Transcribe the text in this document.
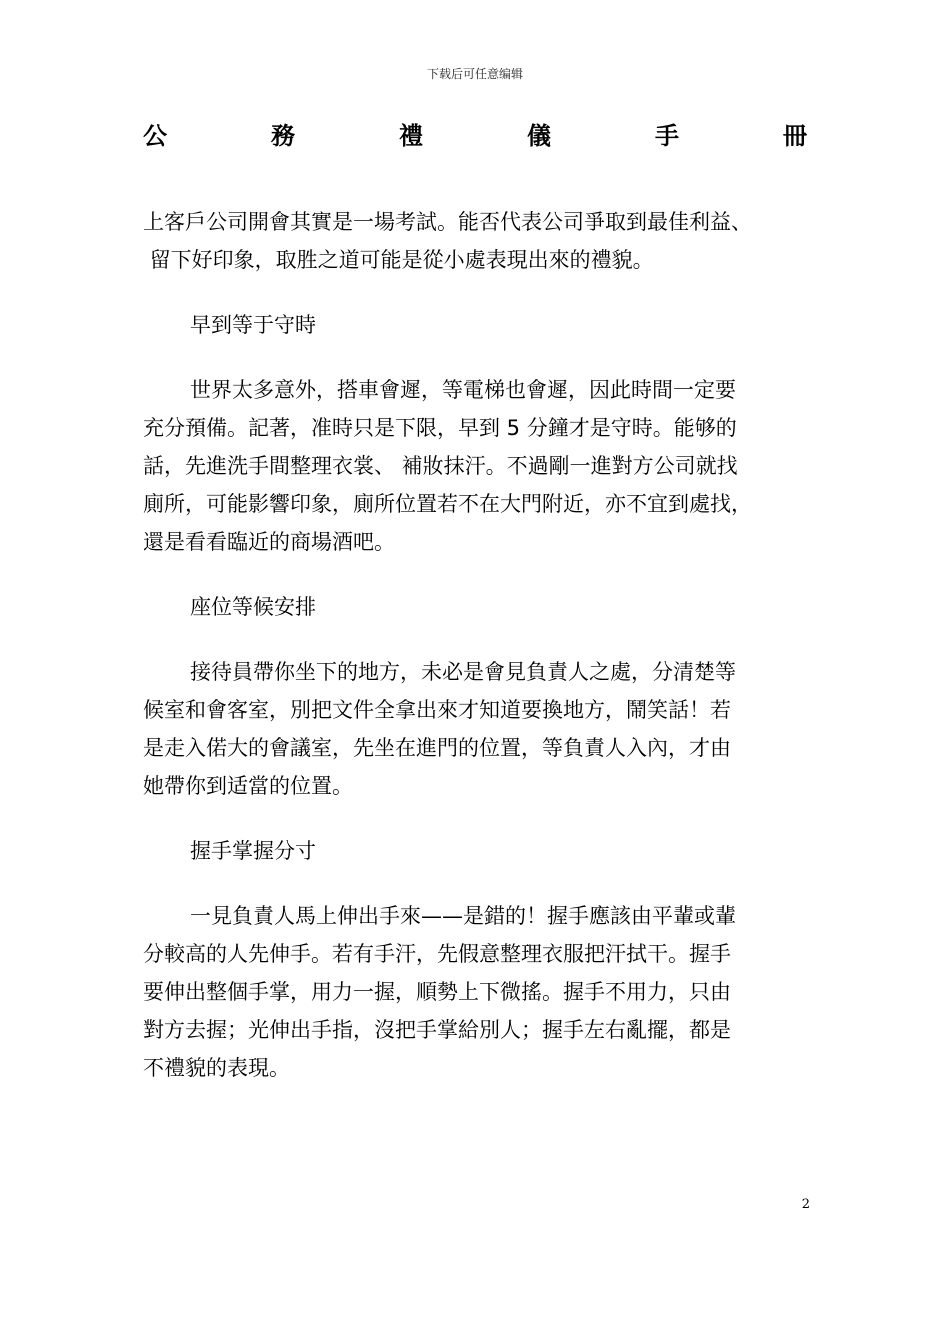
下载后可任意编辑
公	務	禮	儀	手	冊

上客戶公司開會其實是一場考試。能否代表公司爭取到最佳利益、
留下好印象，取胜之道可能是從小處表現出來的禮貌。

早到等于守時

世界太多意外，搭車會遲，等電梯也會遲，因此時間一定要
充分預備。記著，准時只是下限，早到 5 分鐘才是守時。能够的
話，先進洗手間整理衣裳、 補妝抹汗。不過剛一進對方公司就找
廁所，可能影響印象，廁所位置若不在大門附近，亦不宜到處找，
還是看看臨近的商場酒吧。

座位等候安排

接待員帶你坐下的地方，未必是會見負責人之處，分清楚等
候室和會客室，別把文件全拿出來才知道要換地方，鬧笑話！若
是走入偌大的會議室，先坐在進門的位置，等負責人入內，才由
她帶你到适當的位置。

握手掌握分寸

一見負責人馬上伸出手來——是錯的！握手應該由平輩或輩
分較高的人先伸手。若有手汗，先假意整理衣服把汗拭干。握手
要伸出整個手掌，用力一握，順勢上下微搖。握手不用力，只由
對方去握；光伸出手指，沒把手掌給別人；握手左右亂擺，都是
不禮貌的表現。

2
